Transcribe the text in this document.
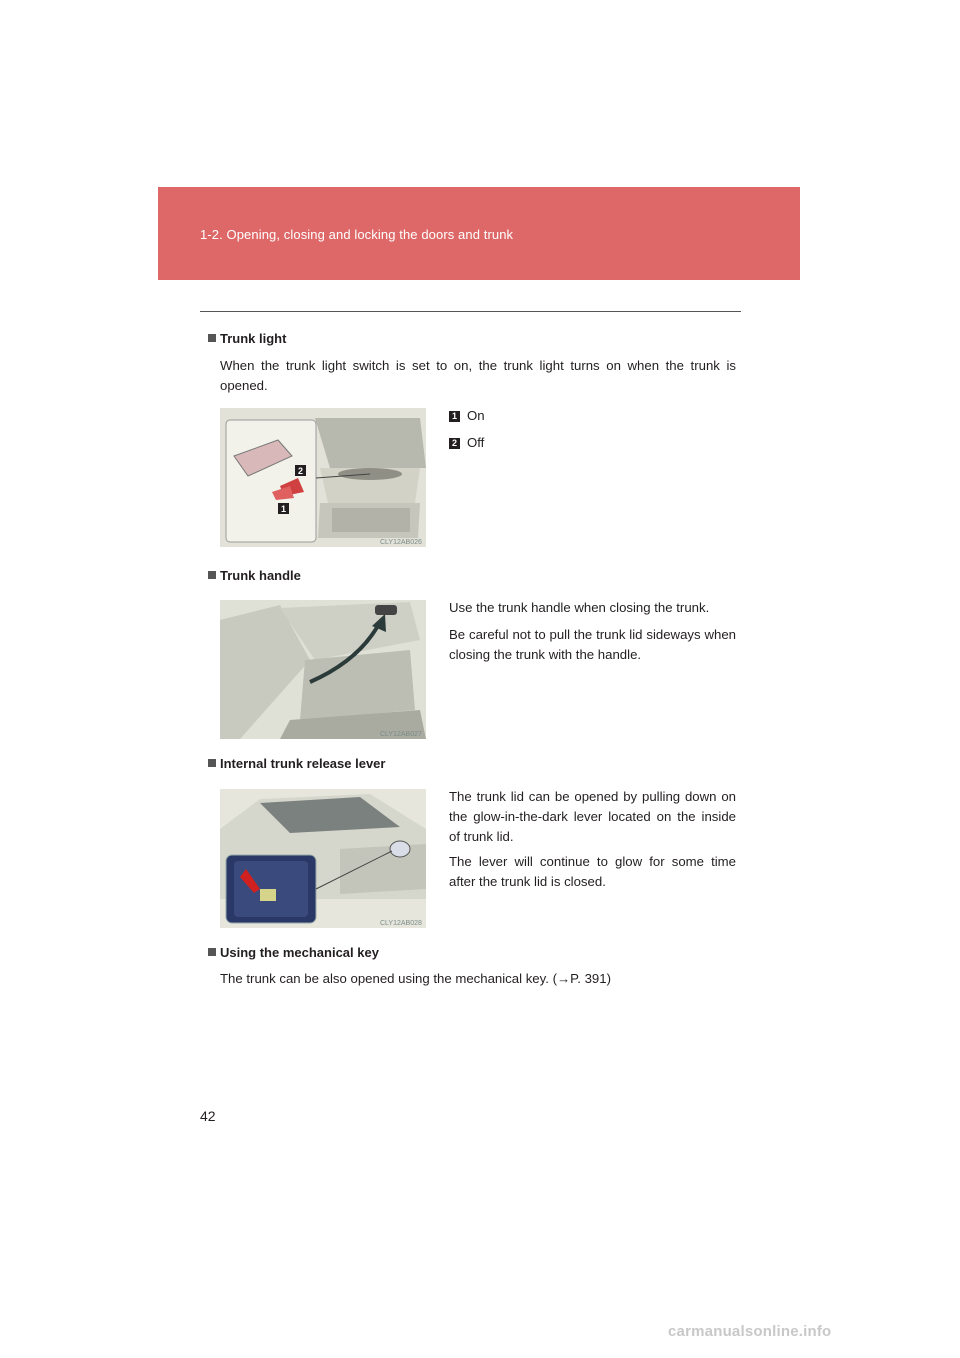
1-2. Opening, closing and locking the doors and trunk
Trunk light
When the trunk light switch is set to on, the trunk light turns on when the trunk is opened.
2
1
CLY12AB026
1 On
2 Off
Trunk handle
CLY12AB027
Use the trunk handle when closing the trunk.
Be careful not to pull the trunk lid sideways when closing the trunk with the handle.
Internal trunk release lever
CLY12AB028
The trunk lid can be opened by pulling down on the glow-in-the-dark lever located on the inside of trunk lid.
The lever will continue to glow for some time after the trunk lid is closed.
Using the mechanical key
The trunk can be also opened using the mechanical key. (→P. 391)
42
carmanualsonline.info
